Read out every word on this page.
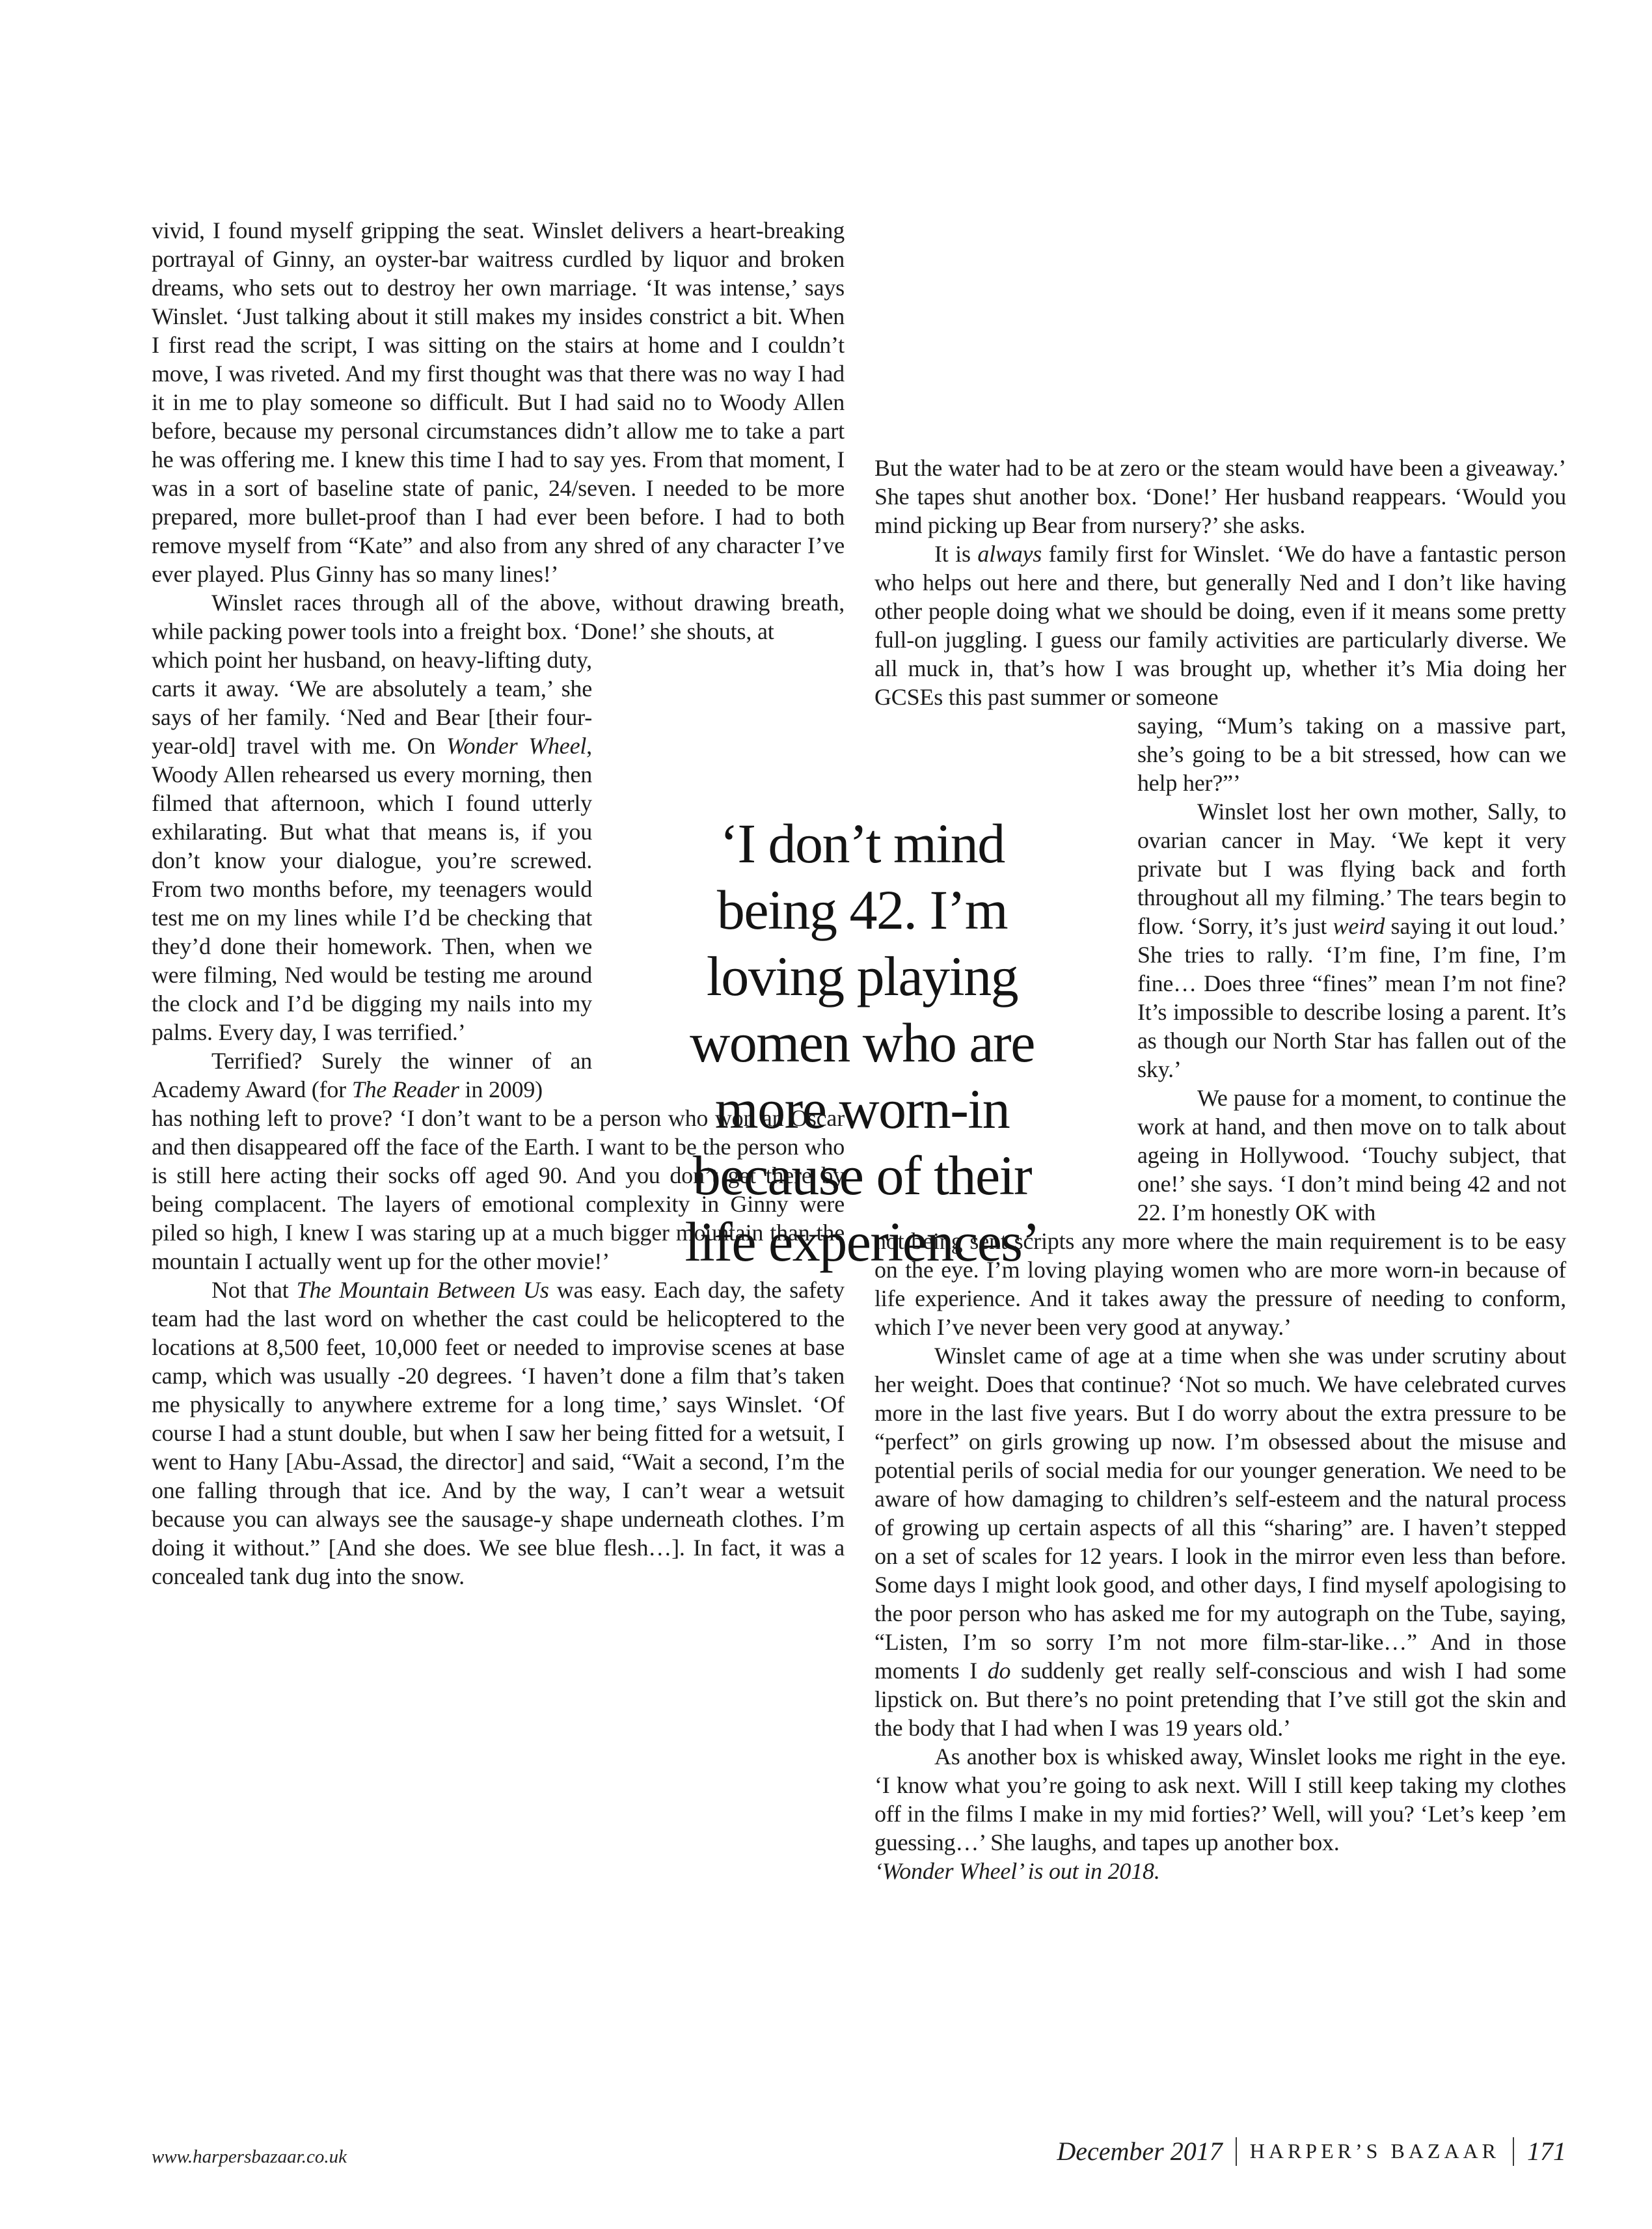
vivid, I found myself gripping the seat. Winslet delivers a heart-breaking portrayal of Ginny, an oyster-bar waitress curdled by liquor and broken dreams, who sets out to destroy her own marriage. ‘It was intense,’ says Winslet. ‘Just talking about it still makes my insides constrict a bit. When I first read the script, I was sitting on the stairs at home and I couldn’t move, I was riveted. And my first thought was that there was no way I had it in me to play someone so difficult. But I had said no to Woody Allen before, because my personal circumstances didn’t allow me to take a part he was offering me. I knew this time I had to say yes. From that moment, I was in a sort of baseline state of panic, 24/seven. I needed to be more prepared, more bullet-proof than I had ever been before. I had to both remove myself from “Kate” and also from any shred of any character I’ve ever played. Plus Ginny has so many lines!’

Winslet races through all of the above, without drawing breath, while packing power tools into a freight box. ‘Done!’ she shouts, at

which point her husband, on heavy-lifting duty, carts it away. ‘We are absolutely a team,’ she says of her family. ‘Ned and Bear [their four-year-old] travel with me. On Wonder Wheel, Woody Allen rehearsed us every morning, then filmed that afternoon, which I found utterly exhilarating. But what that means is, if you don’t know your dialogue, you’re screwed. From two months before, my teenagers would test me on my lines while I’d be checking that they’d done their homework. Then, when we were filming, Ned would be testing me around the clock and I’d be digging my nails into my palms. Every day, I was terrified.’

Terrified? Surely the winner of an Academy Award (for The Reader in 2009)

has nothing left to prove? ‘I don’t want to be a person who won an Oscar and then disappeared off the face of the Earth. I want to be the person who is still here acting their socks off aged 90. And you don’t get there by being complacent. The layers of emotional complexity in Ginny were piled so high, I knew I was staring up at a much bigger mountain than the mountain I actually went up for the other movie!’

Not that The Mountain Between Us was easy. Each day, the safety team had the last word on whether the cast could be helicoptered to the locations at 8,500 feet, 10,000 feet or needed to improvise scenes at base camp, which was usually -20 degrees. ‘I haven’t done a film that’s taken me physically to anywhere extreme for a long time,’ says Winslet. ‘Of course I had a stunt double, but when I saw her being fitted for a wetsuit, I went to Hany [Abu-Assad, the director] and said, “Wait a second, I’m the one falling through that ice. And by the way, I can’t wear a wetsuit because you can always see the sausage-y shape underneath clothes. I’m doing it without.” [And she does. We see blue flesh…]. In fact, it was a concealed tank dug into the snow.

But the water had to be at zero or the steam would have been a giveaway.’ She tapes shut another box. ‘Done!’ Her husband reappears. ‘Would you mind picking up Bear from nursery?’ she asks.

It is always family first for Winslet. ‘We do have a fantastic person who helps out here and there, but generally Ned and I don’t like having other people doing what we should be doing, even if it means some pretty full-on juggling. I guess our family activities are particularly diverse. We all muck in, that’s how I was brought up, whether it’s Mia doing her GCSEs this past summer or someone

saying, “Mum’s taking on a massive part, she’s going to be a bit stressed, how can we help her?”’

Winslet lost her own mother, Sally, to ovarian cancer in May. ‘We kept it very private but I was flying back and forth throughout all my filming.’ The tears begin to flow. ‘Sorry, it’s just weird saying it out loud.’ She tries to rally. ‘I’m fine, I’m fine, I’m fine… Does three “fines” mean I’m not fine? It’s impossible to describe losing a parent. It’s as though our North Star has fallen out of the sky.’

We pause for a moment, to continue the work at hand, and then move on to talk about ageing in Hollywood. ‘Touchy subject, that one!’ she says. ‘I don’t mind being 42 and not 22. I’m honestly OK with

not being sent scripts any more where the main requirement is to be easy on the eye. I’m loving playing women who are more worn-in because of life experience. And it takes away the pressure of needing to conform, which I’ve never been very good at anyway.’

Winslet came of age at a time when she was under scrutiny about her weight. Does that continue? ‘Not so much. We have celebrated curves more in the last five years. But I do worry about the extra pressure to be “perfect” on girls growing up now. I’m obsessed about the misuse and potential perils of social media for our younger generation. We need to be aware of how damaging to children’s self-esteem and the natural process of growing up certain aspects of all this “sharing” are. I haven’t stepped on a set of scales for 12 years. I look in the mirror even less than before. Some days I might look good, and other days, I find myself apologising to the poor person who has asked me for my autograph on the Tube, saying, “Listen, I’m so sorry I’m not more film-star-like…” And in those moments I do suddenly get really self-conscious and wish I had some lipstick on. But there’s no point pretending that I’ve still got the skin and the body that I had when I was 19 years old.’

As another box is whisked away, Winslet looks me right in the eye. ‘I know what you’re going to ask next. Will I still keep taking my clothes off in the films I make in my mid forties?’ Well, will you? ‘Let’s keep ’em guessing…’ She laughs, and tapes up another box.

‘Wonder Wheel’ is out in 2018.

‘I don’t mind
being 42. I’m
loving playing
women who are
more worn-in
because of their
life experiences’
www.harpersbazaar.co.uk	December 2017 HARPER’S BAZAAR 171
